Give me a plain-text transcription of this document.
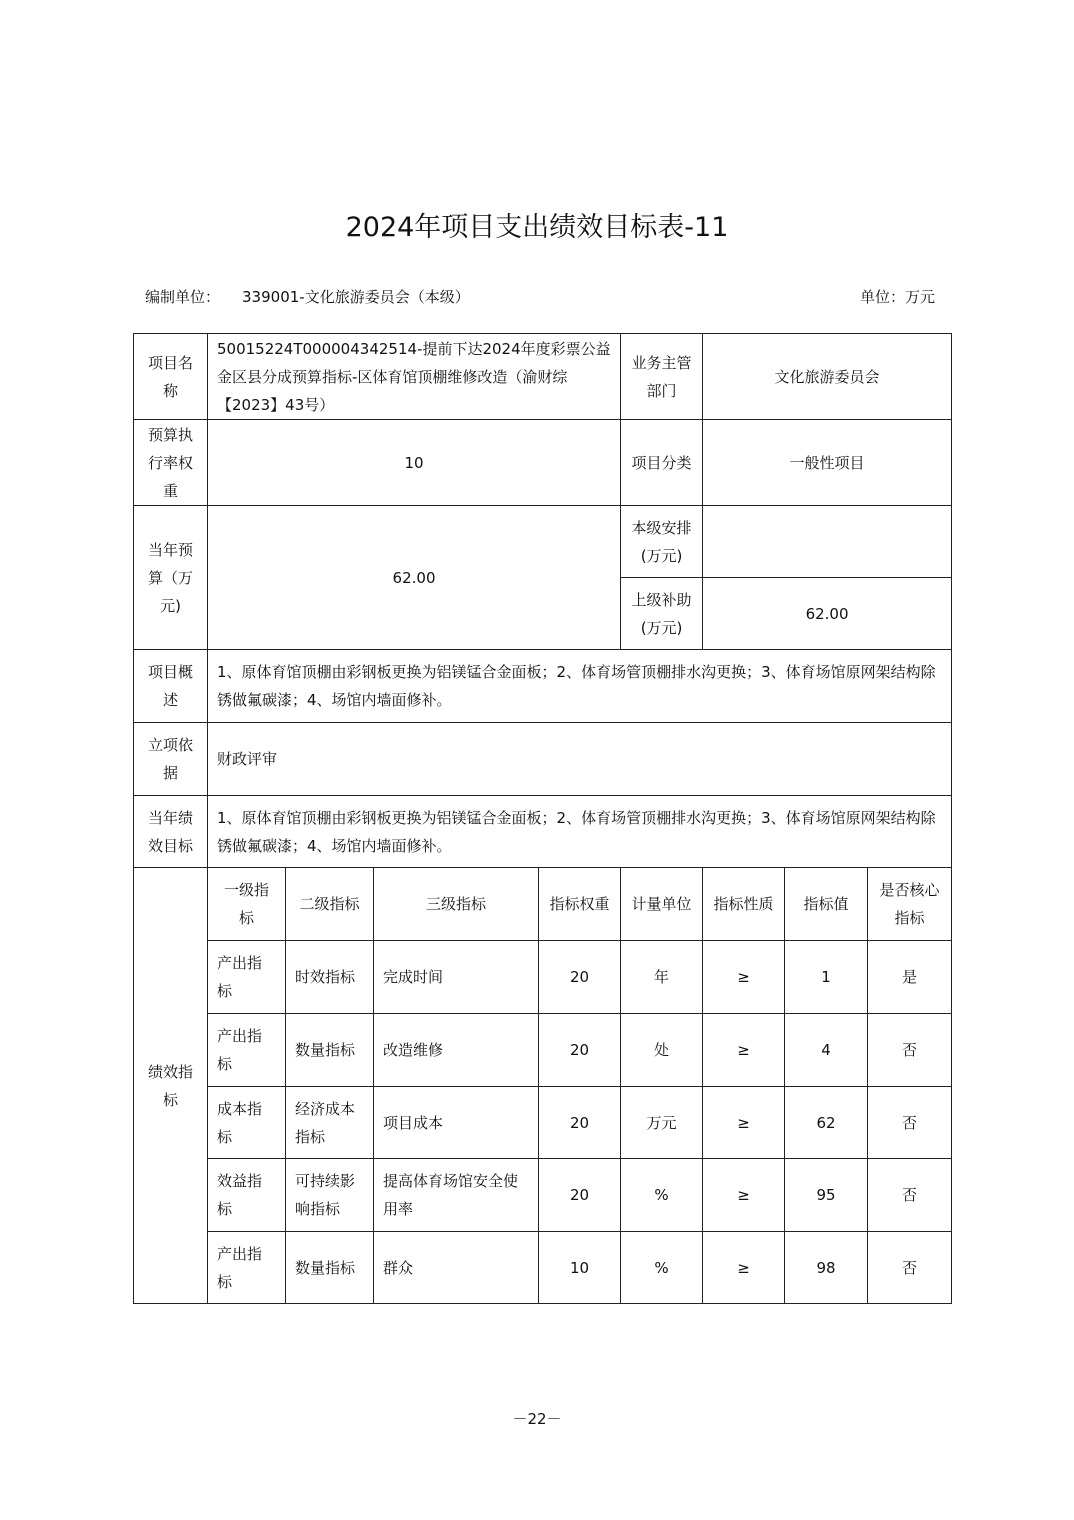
2024年项目支出绩效目标表-11
编制单位： 339001-文化旅游委员会（本级）	单位：万元
项目名称	50015224T000004342514-提前下达2024年度彩票公益金区县分成预算指标-区体育馆顶棚维修改造（渝财综【2023】43号）				业务主管部门	文化旅游委员会		
预算执行率权重	10				项目分类	一般性项目		
当年预算（万元)	62.00				本级安排(万元)			
					上级补助(万元)	62.00		
项目概述	1、原体育馆顶棚由彩钢板更换为铝镁锰合金面板；2、体育场管顶棚排水沟更换；3、体育场馆原网架结构除锈做氟碳漆；4、场馆内墙面修补。							
立项依据	财政评审							
当年绩效目标	1、原体育馆顶棚由彩钢板更换为铝镁锰合金面板；2、体育场管顶棚排水沟更换；3、体育场馆原网架结构除锈做氟碳漆；4、场馆内墙面修补。							
绩效指标	一级指标	二级指标	三级指标	指标权重	计量单位	指标性质	指标值	是否核心指标
	产出指标	时效指标	完成时间	20	年	≥	1	是
	产出指标	数量指标	改造维修	20	处	≥	4	否
	成本指标	经济成本指标	项目成本	20	万元	≥	62	否
	效益指标	可持续影响指标	提高体育场馆安全使用率	20	%	≥	95	否
	产出指标	数量指标	群众	10	%	≥	98	否
－22－
